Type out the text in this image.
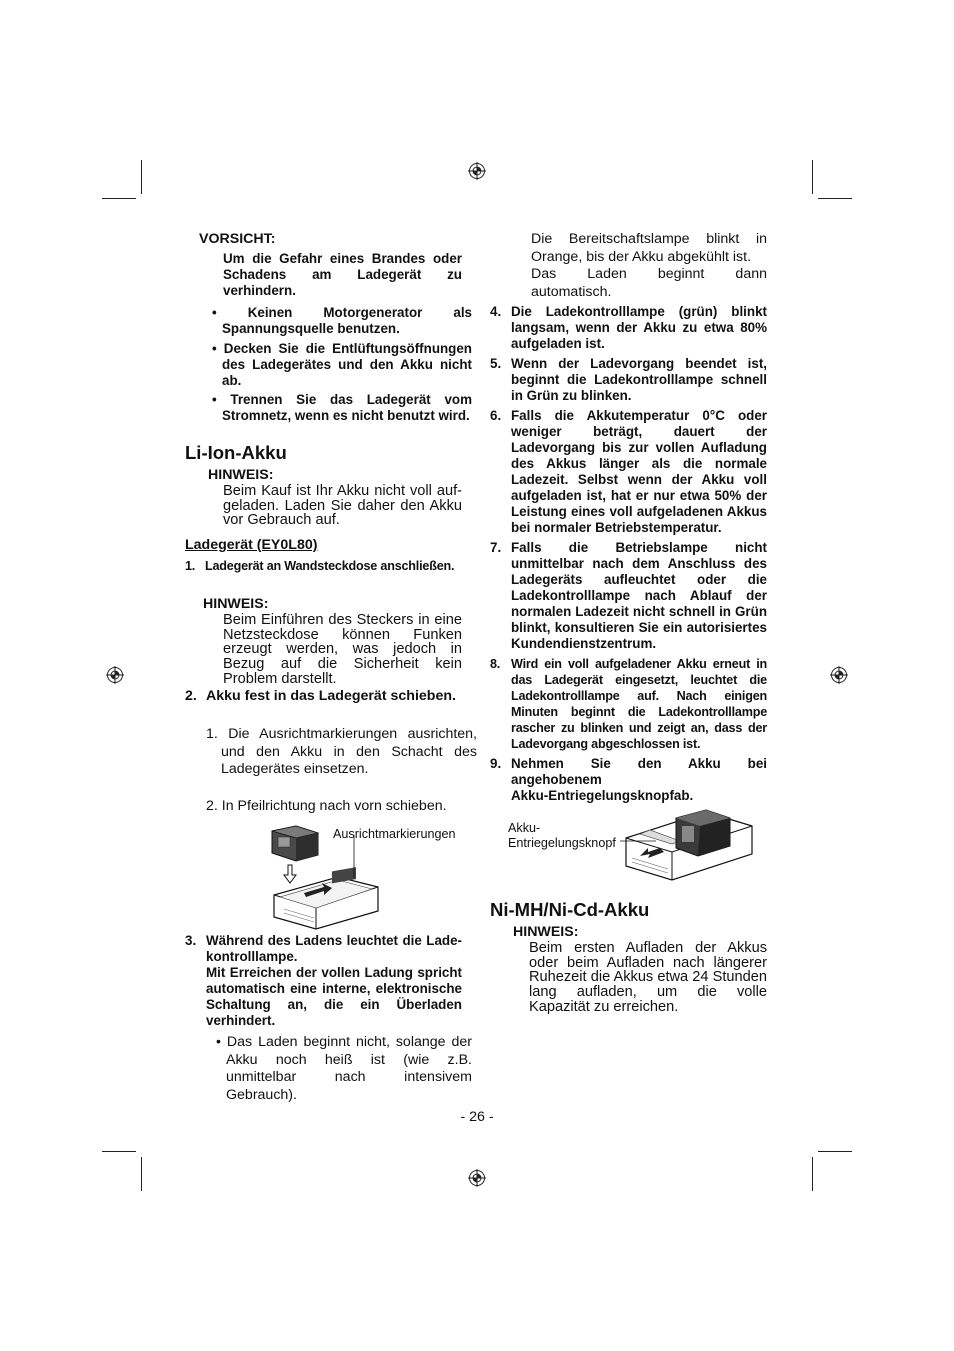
VORSICHT:
Um die Gefahr eines Brandes oder Schadens am Ladegerät zu verhindern.
• Keinen Motorgenerator als Spannungsquelle benutzen.
• Decken Sie die Entlüftungsöffnungen des Ladegerätes und den Akku nicht ab.
• Trennen Sie das Ladegerät vom Stromnetz, wenn es nicht benutzt wird.
Li-Ion-Akku
HINWEIS:
Beim Kauf ist Ihr Akku nicht voll auf-geladen. Laden Sie daher den Akku vor Gebrauch auf.
Ladegerät (EY0L80)
1. Ladegerät an Wandsteckdose anschließen.
HINWEIS:
Beim Einführen des Steckers in eine Netzsteckdose können Funken erzeugt werden, was jedoch in Bezug auf die Sicherheit kein Problem darstellt.
2. Akku fest in das Ladegerät schieben.
1. Die Ausrichtmarkierungen ausrichten, und den Akku in den Schacht des Ladegerätes einsetzen.
2. In Pfeilrichtung nach vorn schieben.
Ausrichtmarkierungen
3. Während des Ladens leuchtet die Lade-kontrolllampe.
Mit Erreichen der vollen Ladung spricht automatisch eine interne, elektronische Schaltung an, die ein Überladen verhindert.
• Das Laden beginnt nicht, solange der Akku noch heiß ist (wie z.B. unmittelbar nach intensivem Gebrauch).
Die Bereitschaftslampe blinkt in Orange, bis der Akku abgekühlt ist.
Das Laden beginnt dann automatisch.
4. Die Ladekontrolllampe (grün) blinkt langsam, wenn der Akku zu etwa 80% aufgeladen ist.
5. Wenn der Ladevorgang beendet ist, beginnt die Ladekontrolllampe schnell in Grün zu blinken.
6. Falls die Akkutemperatur 0°C oder weniger beträgt, dauert der Ladevorgang bis zur vollen Aufladung des Akkus länger als die normale Ladezeit. Selbst wenn der Akku voll aufgeladen ist, hat er nur etwa 50% der Leistung eines voll aufgeladenen Akkus bei normaler Betriebstemperatur.
7. Falls die Betriebslampe nicht unmittelbar nach dem Anschluss des Ladegeräts aufleuchtet oder die Ladekontrolllampe nach Ablauf der normalen Ladezeit nicht schnell in Grün blinkt, konsultieren Sie ein autorisiertes Kundendienstzentrum.
8. Wird ein voll aufgeladener Akku erneut in das Ladegerät eingesetzt, leuchtet die Ladekontrolllampe auf. Nach einigen Minuten beginnt die Ladekontrolllampe rascher zu blinken und zeigt an, dass der Ladevorgang abgeschlossen ist.
9. Nehmen Sie den Akku bei angehobenem
Akku-Entriegelungsknopfab.
Akku-
Entriegelungsknopf
Ni-MH/Ni-Cd-Akku
HINWEIS:
Beim ersten Aufladen der Akkus oder beim Aufladen nach längerer Ruhezeit die Akkus etwa 24 Stunden lang aufladen, um die volle Kapazität zu erreichen.
- 26 -
